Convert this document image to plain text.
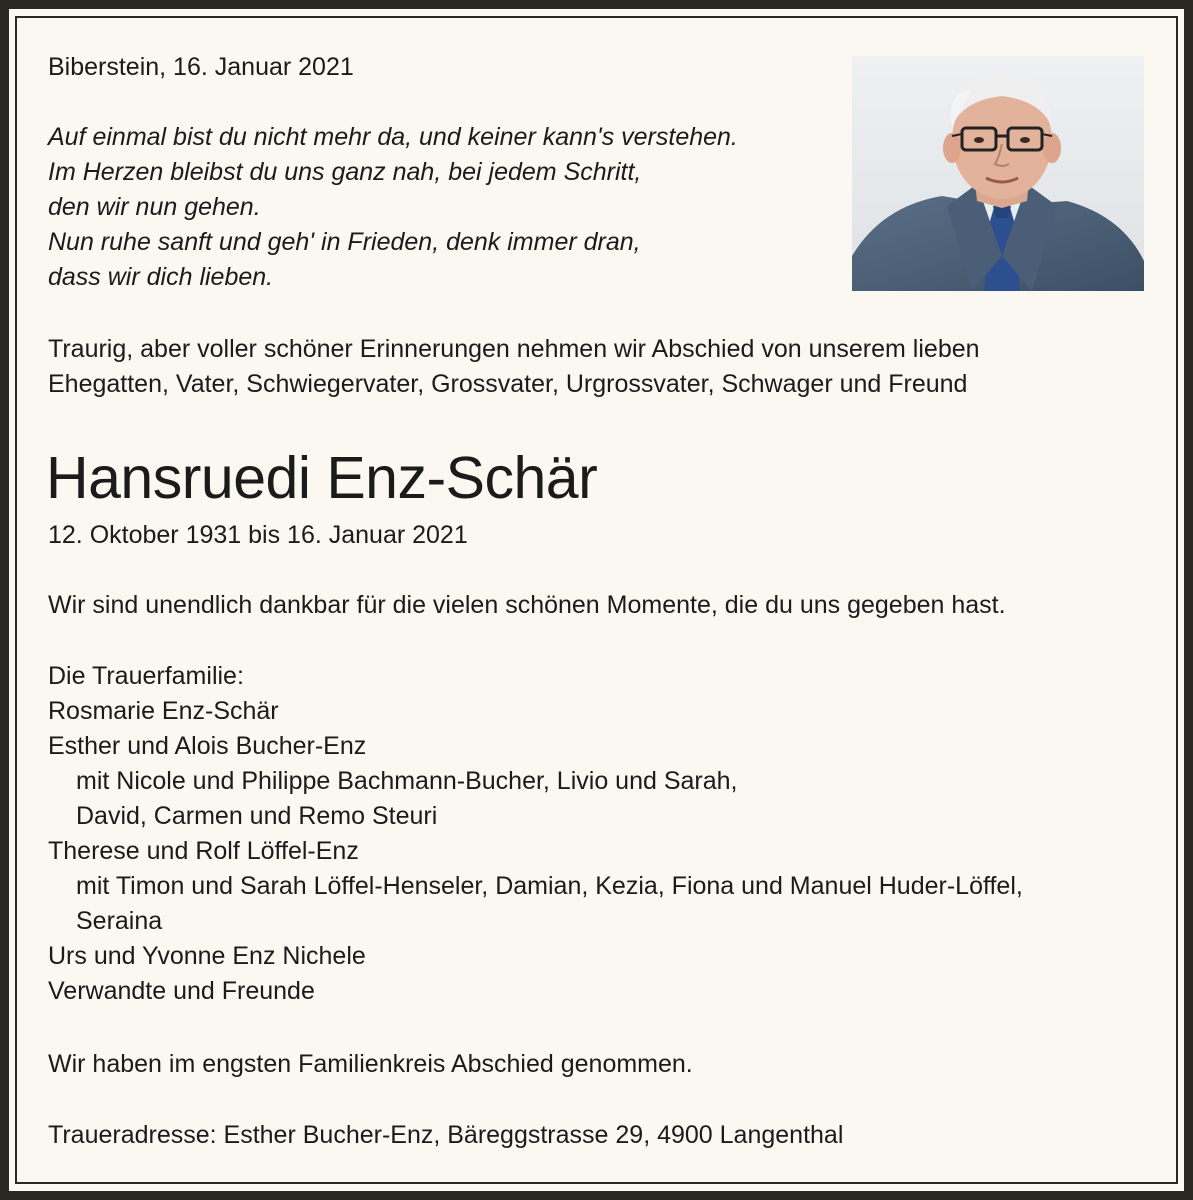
Biberstein, 16. Januar 2021

Auf einmal bist du nicht mehr da, und keiner kann's verstehen.
Im Herzen bleibst du uns ganz nah, bei jedem Schritt,
den wir nun gehen.
Nun ruhe sanft und geh' in Frieden, denk immer dran,
dass wir dich lieben.
Traurig, aber voller schöner Erinnerungen nehmen wir Abschied von unserem lieben
Ehegatten, Vater, Schwiegervater, Grossvater, Urgrossvater, Schwager und Freund
Hansruedi Enz-Schär

12. Oktober 1931 bis 16. Januar 2021

Wir sind unendlich dankbar für die vielen schönen Momente, die du uns gegeben hast.

Die Trauerfamilie:
Rosmarie Enz-Schär
Esther und Alois Bucher-Enz
mit Nicole und Philippe Bachmann-Bucher, Livio und Sarah,
David, Carmen und Remo Steuri
Therese und Rolf Löffel-Enz
mit Timon und Sarah Löffel-Henseler, Damian, Kezia, Fiona und Manuel Huder-Löffel,
Seraina
Urs und Yvonne Enz Nichele
Verwandte und Freunde

Wir haben im engsten Familienkreis Abschied genommen.

Traueradresse: Esther Bucher-Enz, Bäreggstrasse 29, 4900 Langenthal
